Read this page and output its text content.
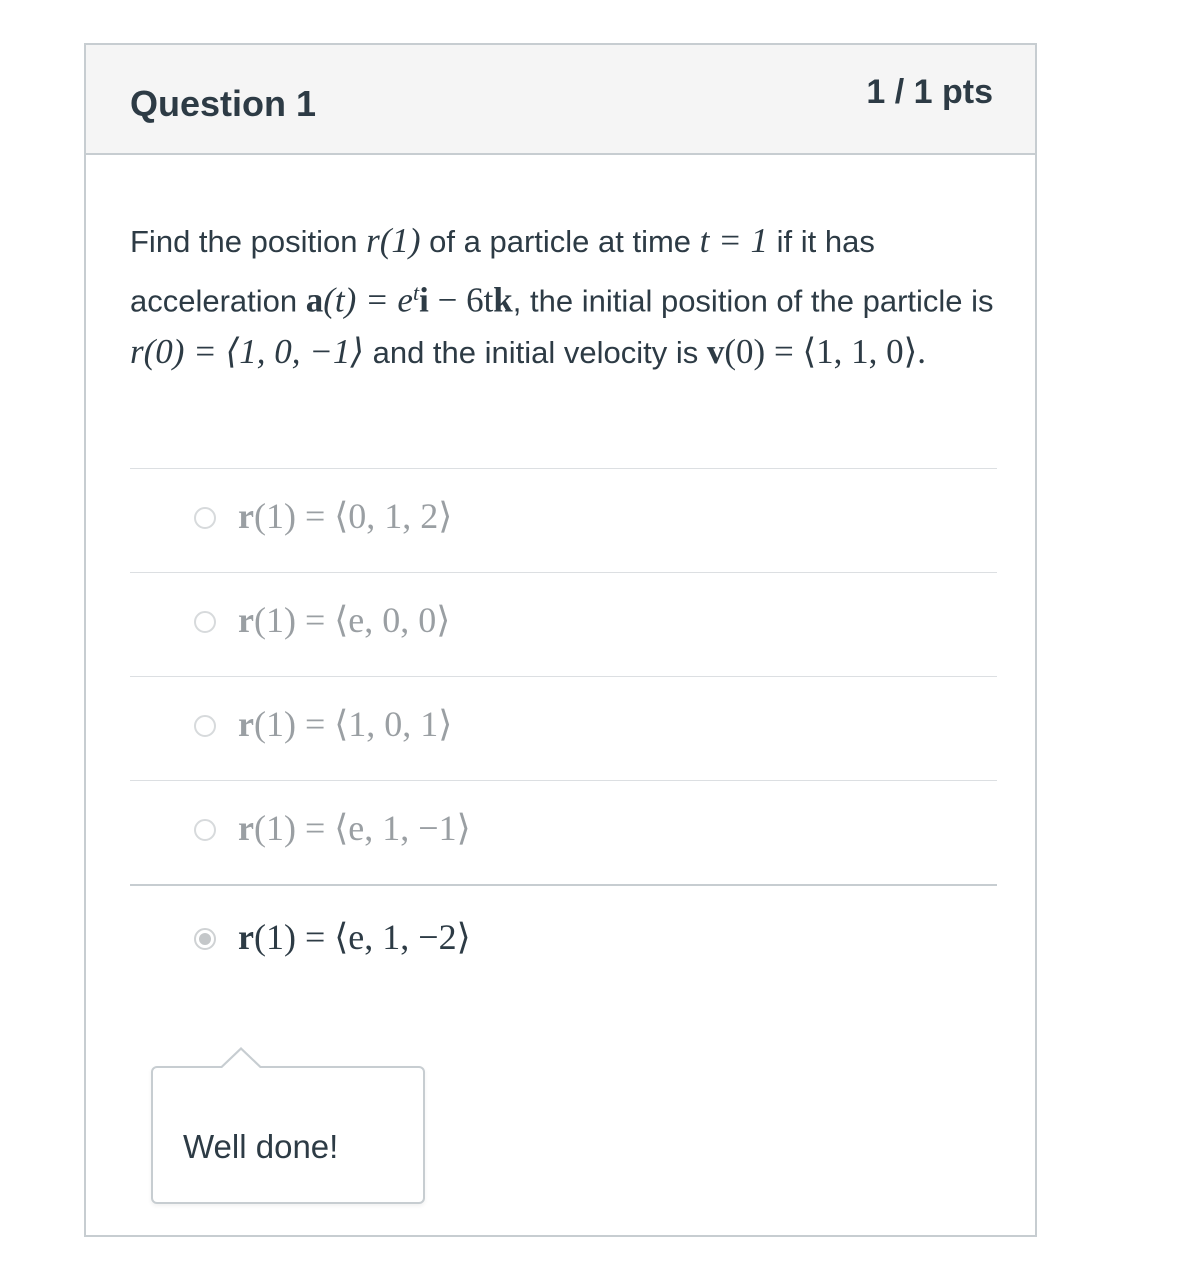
Question 1	1 / 1 pts
Find the position r(1) of a particle at time t = 1 if it has acceleration $a(t) = e^ti - 6tk$, the initial position of the particle is r(0) = ⟨1, 0, −1⟩ and the initial velocity is v(0) = ⟨1, 1, 0⟩.
r(1) = ⟨0, 1, 2⟩
r(1) = ⟨e, 0, 0⟩
r(1) = ⟨1, 0, 1⟩
r(1) = ⟨e, 1, −1⟩
r(1) = ⟨e, 1, −2⟩
Well done!
